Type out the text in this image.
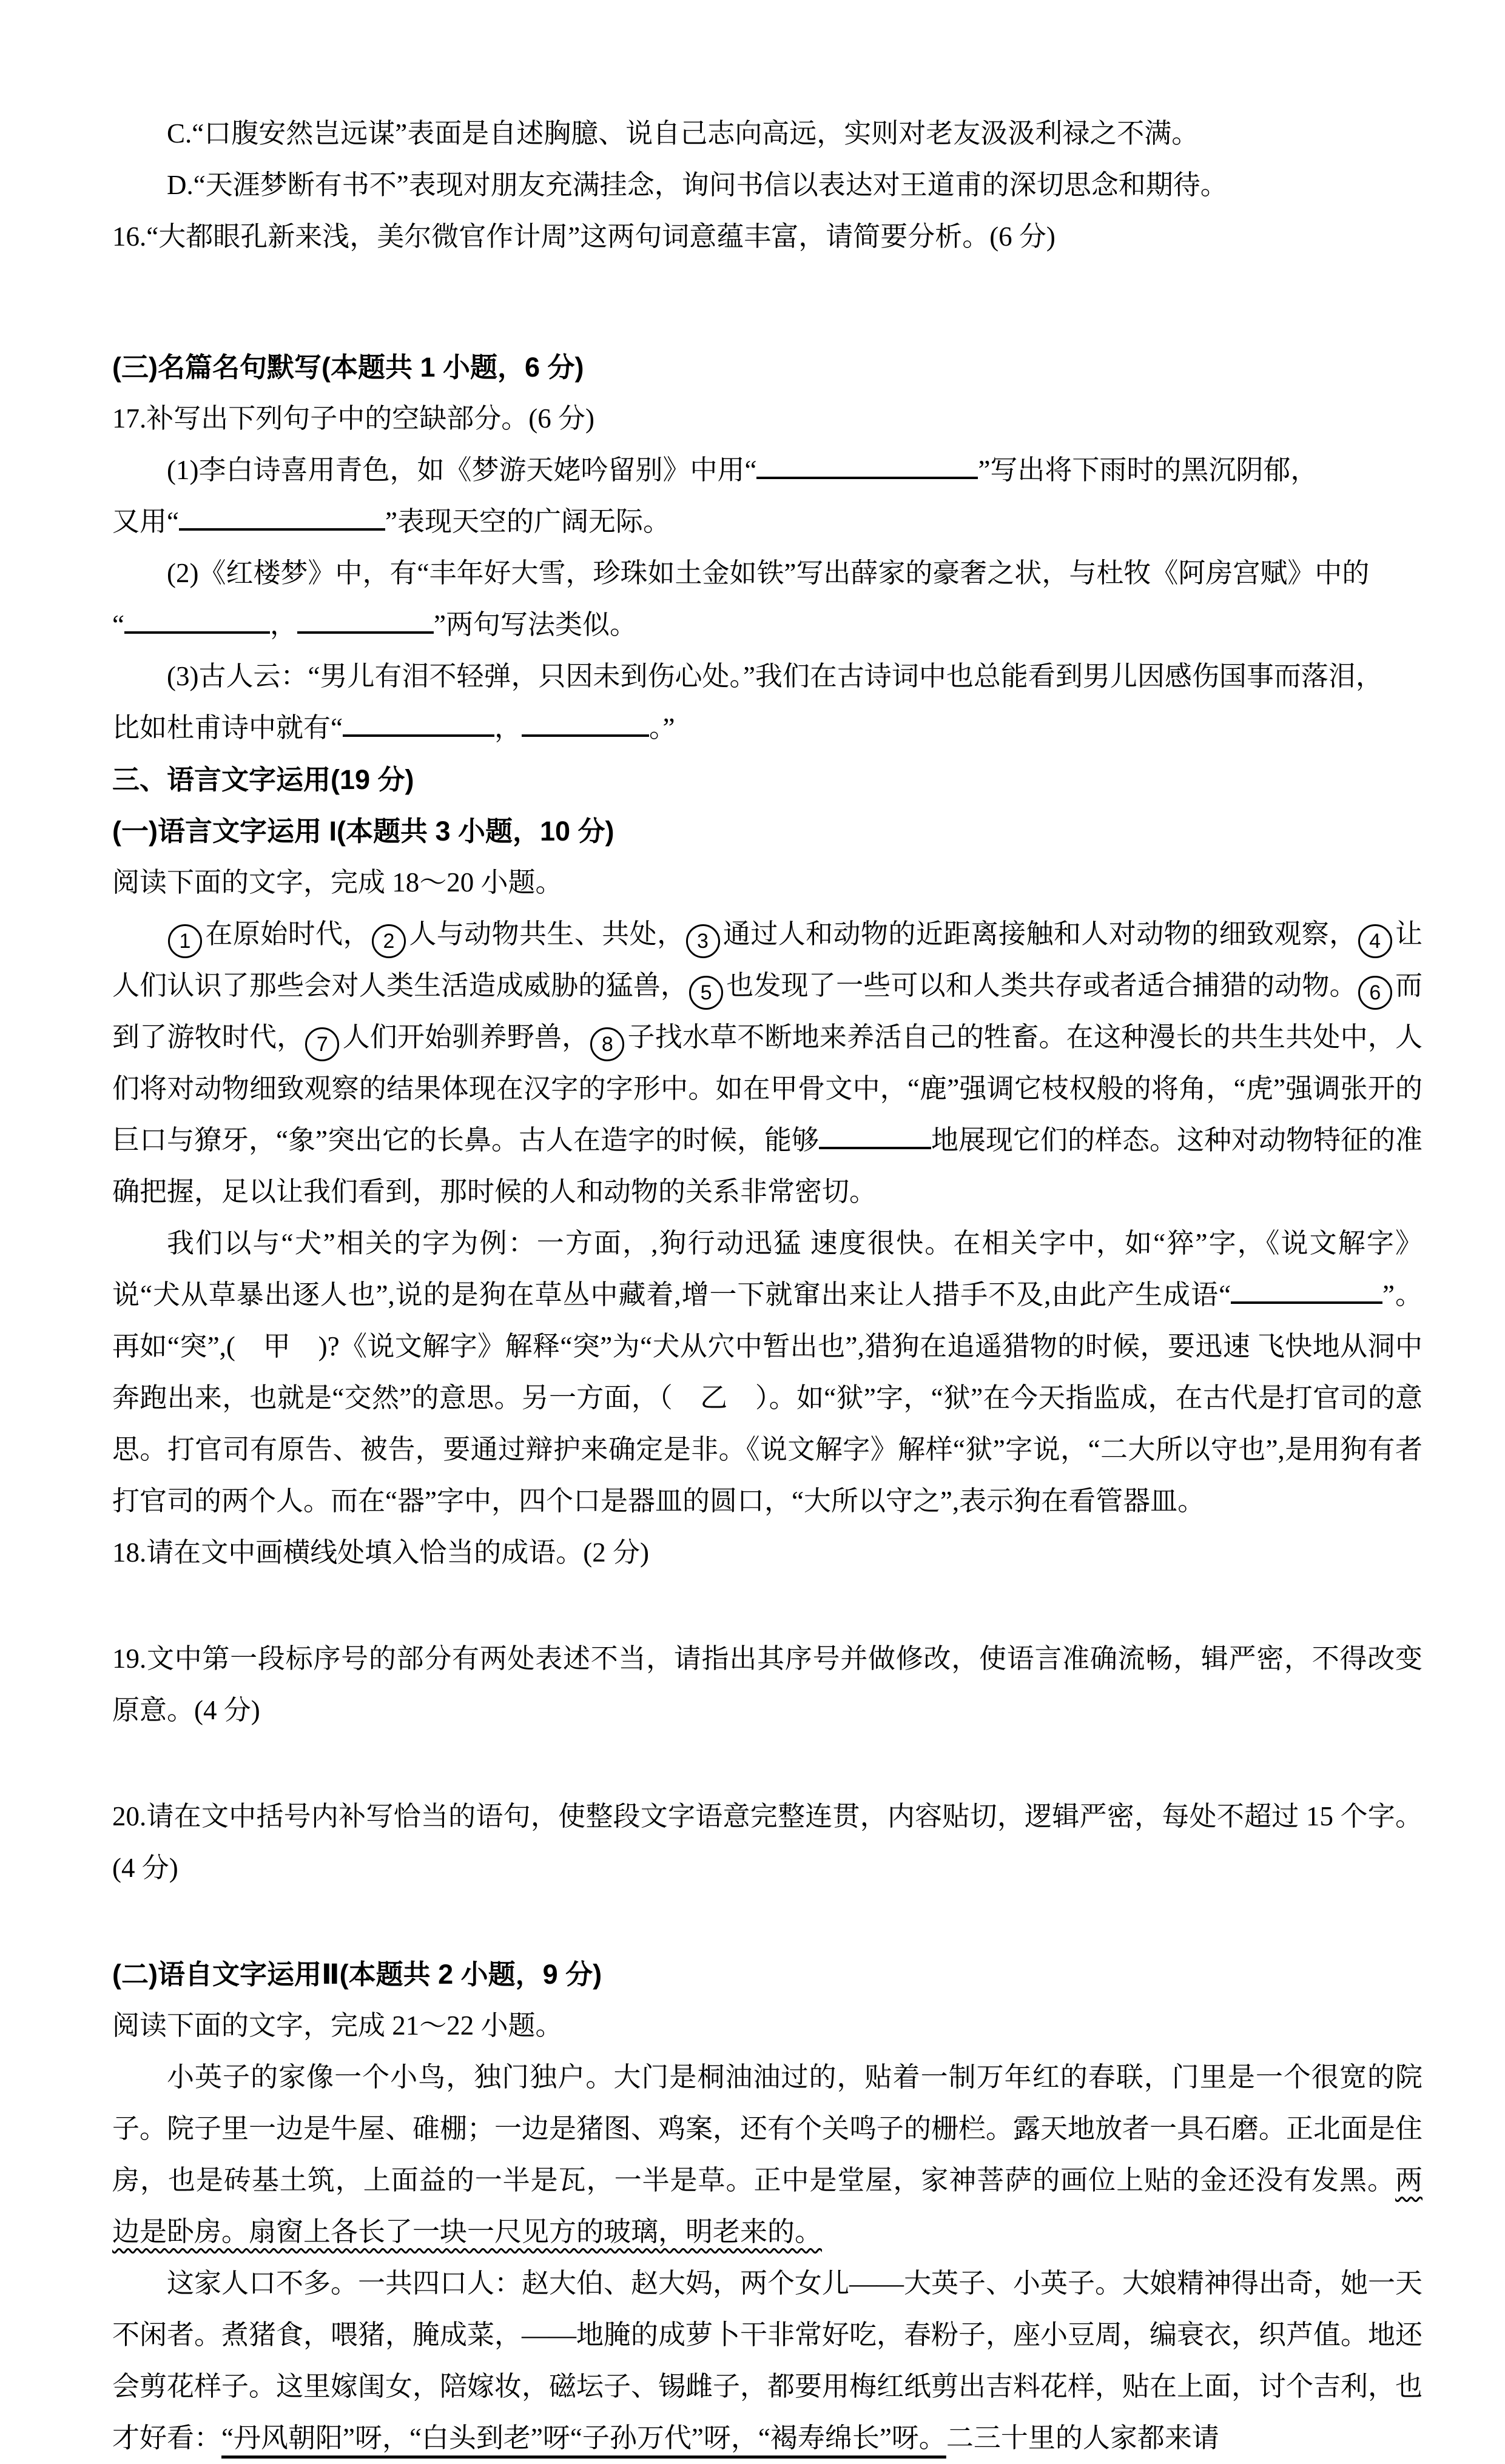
C.“口腹安然岂远谋”表面是自述胸臆、说自己志向高远，实则对老友汲汲利禄之不满。

D.“天涯梦断有书不”表现对朋友充满挂念，询问书信以表达对王道甫的深切思念和期待。

16.“大都眼孔新来浅，美尔微官作计周”这两句词意蕴丰富，请简要分析。(6 分)

(三)名篇名句默写(本题共 1 小题，6 分)

17.补写出下列句子中的空缺部分。(6 分)

(1)李白诗喜用青色，如《梦游天姥吟留别》中用“	”写出将下雨时的黑沉阴郁，

又用“	”表现天空的广阔无际。

(2)《红楼梦》中，有“丰年好大雪，珍珠如土金如铁”写出薛家的豪奢之状，与杜牧《阿房宫赋》中的

“	，	”两句写法类似。

(3)古人云：“男儿有泪不轻弹，只因未到伤心处。”我们在古诗词中也总能看到男儿因感伤国事而落泪，

比如杜甫诗中就有“	，	。”

三、语言文字运用(19 分)

(一)语言文字运用 I(本题共 3 小题，10 分)

阅读下面的文字，完成 18～20 小题。

1 在原始时代， 2 人与动物共生、共处， 3 通过人和动物的近距离接触和人对动物的细致观察， 4 让人们认识了那些会对人类生活造成威胁的猛兽， 5 也发现了一些可以和人类共存或者适合捕猎的动物。 6 而到了游牧时代， 7 人们开始驯养野兽， 8 子找水草不断地来养活自己的牲畜。在这种漫长的共生共处中，人们将对动物细致观察的结果体现在汉字的字形中。如在甲骨文中，“鹿”强调它枝权般的将角，“虎”强调张开的巨口与獠牙，“象”突出它的长鼻。古人在造字的时候，能够	地展现它们的样态。这种对动物特征的准确把握，足以让我们看到，那时候的人和动物的关系非常密切。

我们以与“犬”相关的字为例：一方面，,狗行动迅猛 速度很快。在相关字中，如“猝”字，《说文解字》说“犬从草暴出逐人也”,说的是狗在草丛中藏着,增一下就窜出来让人措手不及,由此产生成语“	”。再如“突”,(　甲　)?《说文解字》解释“突”为“犬从穴中暂出也”,猎狗在追遥猎物的时候，要迅速 飞快地从洞中奔跑出来，也就是“交然”的意思。另一方面，（　乙　）。如“狱”字，“狱”在今天指监成，在古代是打官司的意思。打官司有原告、被告，要通过辩护来确定是非。《说文解字》解样“狱”字说，“二大所以守也”,是用狗有者打官司的两个人。而在“器”字中，四个口是器皿的圆口，“大所以守之”,表示狗在看管器皿。

18.请在文中画横线处填入恰当的成语。(2 分)

19.文中第一段标序号的部分有两处表述不当，请指出其序号并做修改，使语言准确流畅，辑严密，不得改变原意。(4 分)

20.请在文中括号内补写恰当的语句，使整段文字语意完整连贯，内容贴切，逻辑严密，每处不超过 15 个字。(4 分)

(二)语自文字运用Ⅱ(本题共 2 小题，9 分)

阅读下面的文字，完成 21～22 小题。

小英子的家像一个小鸟，独门独户。大门是桐油油过的，贴着一制万年红的春联，门里是一个很宽的院子。院子里一边是牛屋、碓棚；一边是猪图、鸡案，还有个关鸣子的栅栏。露天地放者一具石磨。正北面是住房，也是砖基土筑，上面益的一半是瓦，一半是草。正中是堂屋，家神菩萨的画位上贴的金还没有发黑。两边是卧房。扇窗上各长了一块一尺见方的玻璃，明老来的。

这家人口不多。一共四口人：赵大伯、赵大妈，两个女儿——大英子、小英子。大娘精神得出奇，她一天不闲者。煮猪食，喂猪，腌成菜，——地腌的成萝卜干非常好吃，春粉子，座小豆周，编衰衣，织芦值。地还会剪花样子。这里嫁闺女，陪嫁妆，磁坛子、锡雌子，都要用梅红纸剪出吉料花样，贴在上面，讨个吉利，也才好看：“丹风朝阳”呀，“白头到老”呀“子孙万代”呀，“褐寿绵长”呀。二三十里的人家都来请
